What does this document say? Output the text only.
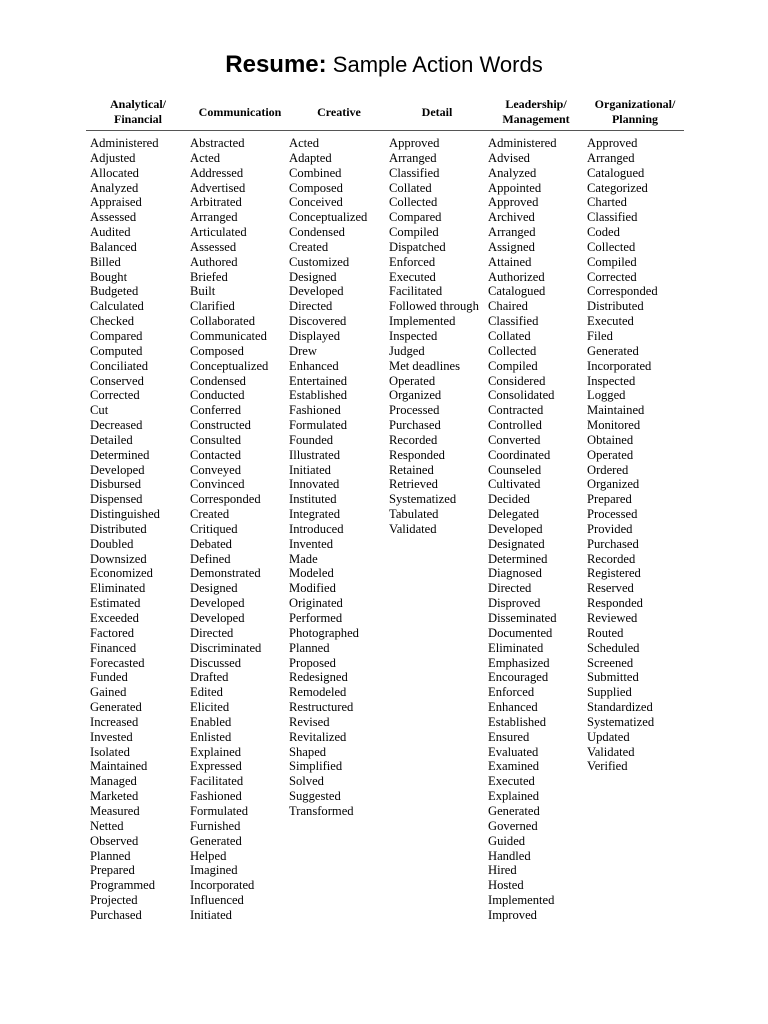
Resume: Sample Action Words
Analytical/
Financial
Communication	Creative	Detail
Leadership/
Management
Organizational/
Planning
Administered
Adjusted
Allocated
Analyzed
Appraised
Assessed
Audited
Balanced
Billed
Bought
Budgeted
Calculated
Checked
Compared
Computed
Conciliated
Conserved
Corrected
Cut
Decreased
Detailed
Determined
Developed
Disbursed
Dispensed
Distinguished
Distributed
Doubled
Downsized
Economized
Eliminated
Estimated
Exceeded
Factored
Financed
Forecasted
Funded
Gained
Generated
Increased
Invested
Isolated
Maintained
Managed
Marketed
Measured
Netted
Observed
Planned
Prepared
Programmed
Projected
Purchased
Abstracted
Acted
Addressed
Advertised
Arbitrated
Arranged
Articulated
Assessed
Authored
Briefed
Built
Clarified
Collaborated
Communicated
Composed
Conceptualized
Condensed
Conducted
Conferred
Constructed
Consulted
Contacted
Conveyed
Convinced
Corresponded
Created
Critiqued
Debated
Defined
Demonstrated
Designed
Developed
Developed
Directed
Discriminated
Discussed
Drafted
Edited
Elicited
Enabled
Enlisted
Explained
Expressed
Facilitated
Fashioned
Formulated
Furnished
Generated
Helped
Imagined
Incorporated
Influenced
Initiated
Acted
Adapted
Combined
Composed
Conceived
Conceptualized
Condensed
Created
Customized
Designed
Developed
Directed
Discovered
Displayed
Drew
Enhanced
Entertained
Established
Fashioned
Formulated
Founded
Illustrated
Initiated
Innovated
Instituted
Integrated
Introduced
Invented
Made
Modeled
Modified
Originated
Performed
Photographed
Planned
Proposed
Redesigned
Remodeled
Restructured
Revised
Revitalized
Shaped
Simplified
Solved
Suggested
Transformed
Approved
Arranged
Classified
Collated
Collected
Compared
Compiled
Dispatched
Enforced
Executed
Facilitated
Followed through
Implemented
Inspected
Judged
Met deadlines
Operated
Organized
Processed
Purchased
Recorded
Responded
Retained
Retrieved
Systematized
Tabulated
Validated
Administered
Advised
Analyzed
Appointed
Approved
Archived
Arranged
Assigned
Attained
Authorized
Catalogued
Chaired
Classified
Collated
Collected
Compiled
Considered
Consolidated
Contracted
Controlled
Converted
Coordinated
Counseled
Cultivated
Decided
Delegated
Developed
Designated
Determined
Diagnosed
Directed
Disproved
Disseminated
Documented
Eliminated
Emphasized
Encouraged
Enforced
Enhanced
Established
Ensured
Evaluated
Examined
Executed
Explained
Generated
Governed
Guided
Handled
Hired
Hosted
Implemented
Improved
Approved
Arranged
Catalogued
Categorized
Charted
Classified
Coded
Collected
Compiled
Corrected
Corresponded
Distributed
Executed
Filed
Generated
Incorporated
Inspected
Logged
Maintained
Monitored
Obtained
Operated
Ordered
Organized
Prepared
Processed
Provided
Purchased
Recorded
Registered
Reserved
Responded
Reviewed
Routed
Scheduled
Screened
Submitted
Supplied
Standardized
Systematized
Updated
Validated
Verified
